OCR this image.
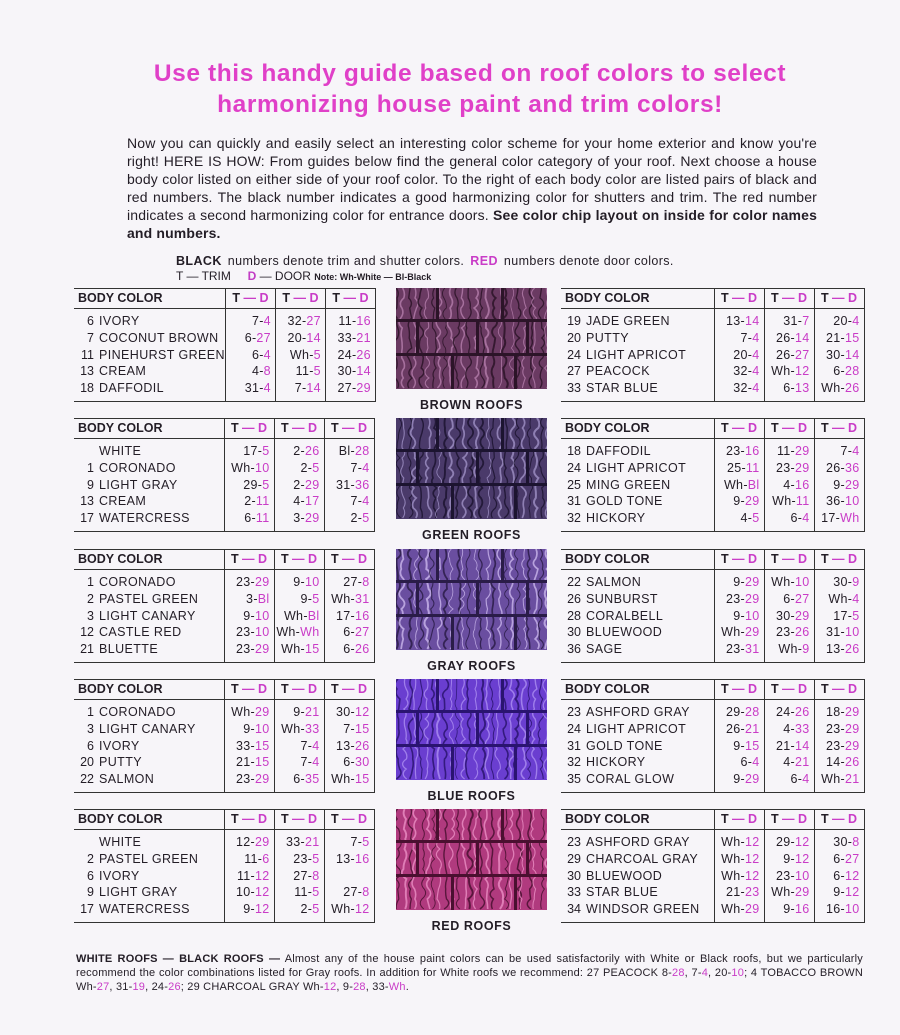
Use this handy guide based on roof colors to select
harmonizing house paint and trim colors!
Now you can quickly and easily select an interesting color scheme for your home exterior and know you're right! HERE IS HOW: From guides below find the general color category of your roof. Next choose a house body color listed on either side of your roof color. To the right of each body color are listed pairs of black and red numbers. The black number indicates a good harmonizing color for shutters and trim. The red number indicates a second harmonizing color for entrance doors. See color chip layout on inside for color names and numbers.
BLACK numbers denote trim and shutter colors. RED numbers denote door colors.
T — TRIM D — DOOR Note: Wh-White — Bl-Black
BODY COLOR		T — D	T — D	T — D
6	IVORY	7-4	32-27	11-16
7	COCONUT BROWN	6-27	20-14	33-21
11	PINEHURST GREEN	6-4	Wh-5	24-26
13	CREAM	4-8	11-5	30-14
18	DAFFODIL	31-4	7-14	27-29
BODY COLOR		T — D	T — D	T — D
19	JADE GREEN	13-14	31-7	20-4
20	PUTTY	7-4	26-14	21-15
24	LIGHT APRICOT	20-4	26-27	30-14
27	PEACOCK	32-4	Wh-12	6-28
33	STAR BLUE	32-4	6-13	Wh-26
BROWN ROOFS
BODY COLOR		T — D	T — D	T — D
	WHITE	17-5	2-26	Bl-28
1	CORONADO	Wh-10	2-5	7-4
9	LIGHT GRAY	29-5	2-29	31-36
13	CREAM	2-11	4-17	7-4
17	WATERCRESS	6-11	3-29	2-5
BODY COLOR		T — D	T — D	T — D
18	DAFFODIL	23-16	11-29	7-4
24	LIGHT APRICOT	25-11	23-29	26-36
25	MING GREEN	Wh-Bl	4-16	9-29
31	GOLD TONE	9-29	Wh-11	36-10
32	HICKORY	4-5	6-4	17-Wh
GREEN ROOFS
BODY COLOR		T — D	T — D	T — D
1	CORONADO	23-29	9-10	27-8
2	PASTEL GREEN	3-Bl	9-5	Wh-31
3	LIGHT CANARY	9-10	Wh-Bl	17-16
12	CASTLE RED	23-10	Wh-Wh	6-27
21	BLUETTE	23-29	Wh-15	6-26
BODY COLOR		T — D	T — D	T — D
22	SALMON	9-29	Wh-10	30-9
26	SUNBURST	23-29	6-27	Wh-4
28	CORALBELL	9-10	30-29	17-5
30	BLUEWOOD	Wh-29	23-26	31-10
36	SAGE	23-31	Wh-9	13-26
GRAY ROOFS
BODY COLOR		T — D	T — D	T — D
1	CORONADO	Wh-29	9-21	30-12
3	LIGHT CANARY	9-10	Wh-33	7-15
6	IVORY	33-15	7-4	13-26
20	PUTTY	21-15	7-4	6-30
22	SALMON	23-29	6-35	Wh-15
BODY COLOR		T — D	T — D	T — D
23	ASHFORD GRAY	29-28	24-26	18-29
24	LIGHT APRICOT	26-21	4-33	23-29
31	GOLD TONE	9-15	21-14	23-29
32	HICKORY	6-4	4-21	14-26
35	CORAL GLOW	9-29	6-4	Wh-21
BLUE ROOFS
BODY COLOR		T — D	T — D	T — D
	WHITE	12-29	33-21	7-5
2	PASTEL GREEN	11-6	23-5	13-16
6	IVORY	11-12	27-8	
9	LIGHT GRAY	10-12	11-5	27-8
17	WATERCRESS	9-12	2-5	Wh-12
BODY COLOR		T — D	T — D	T — D
23	ASHFORD GRAY	Wh-12	29-12	30-8
29	CHARCOAL GRAY	Wh-12	9-12	6-27
30	BLUEWOOD	Wh-12	23-10	6-12
33	STAR BLUE	21-23	Wh-29	9-12
34	WINDSOR GREEN	Wh-29	9-16	16-10
RED ROOFS
WHITE ROOFS — BLACK ROOFS — Almost any of the house paint colors can be used satisfactorily with White or Black roofs, but we particularly recommend the color combinations listed for Gray roofs. In addition for White roofs we recommend: 27 PEACOCK 8-28, 7-4, 20-10; 4 TOBACCO BROWN Wh-27, 31-19, 24-26; 29 CHARCOAL GRAY Wh-12, 9-28, 33-Wh.
